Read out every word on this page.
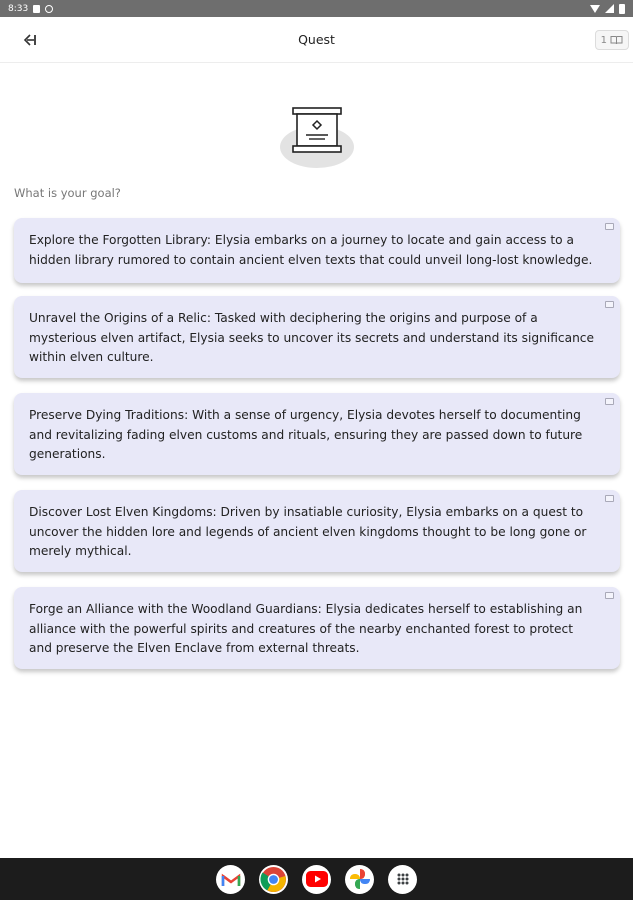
8:33
Quest	1
What is your goal?
Explore the Forgotten Library: Elysia embarks on a journey to locate and gain access to a hidden library rumored to contain ancient elven texts that could unveil long-lost knowledge.
Unravel the Origins of a Relic: Tasked with deciphering the origins and purpose of a mysterious elven artifact, Elysia seeks to uncover its secrets and understand its significance within elven culture.
Preserve Dying Traditions: With a sense of urgency, Elysia devotes herself to documenting and revitalizing fading elven customs and rituals, ensuring they are passed down to future generations.
Discover Lost Elven Kingdoms: Driven by insatiable curiosity, Elysia embarks on a quest to uncover the hidden lore and legends of ancient elven kingdoms thought to be long gone or merely mythical.
Forge an Alliance with the Woodland Guardians: Elysia dedicates herself to establishing an alliance with the powerful spirits and creatures of the nearby enchanted forest to protect and preserve the Elven Enclave from external threats.
